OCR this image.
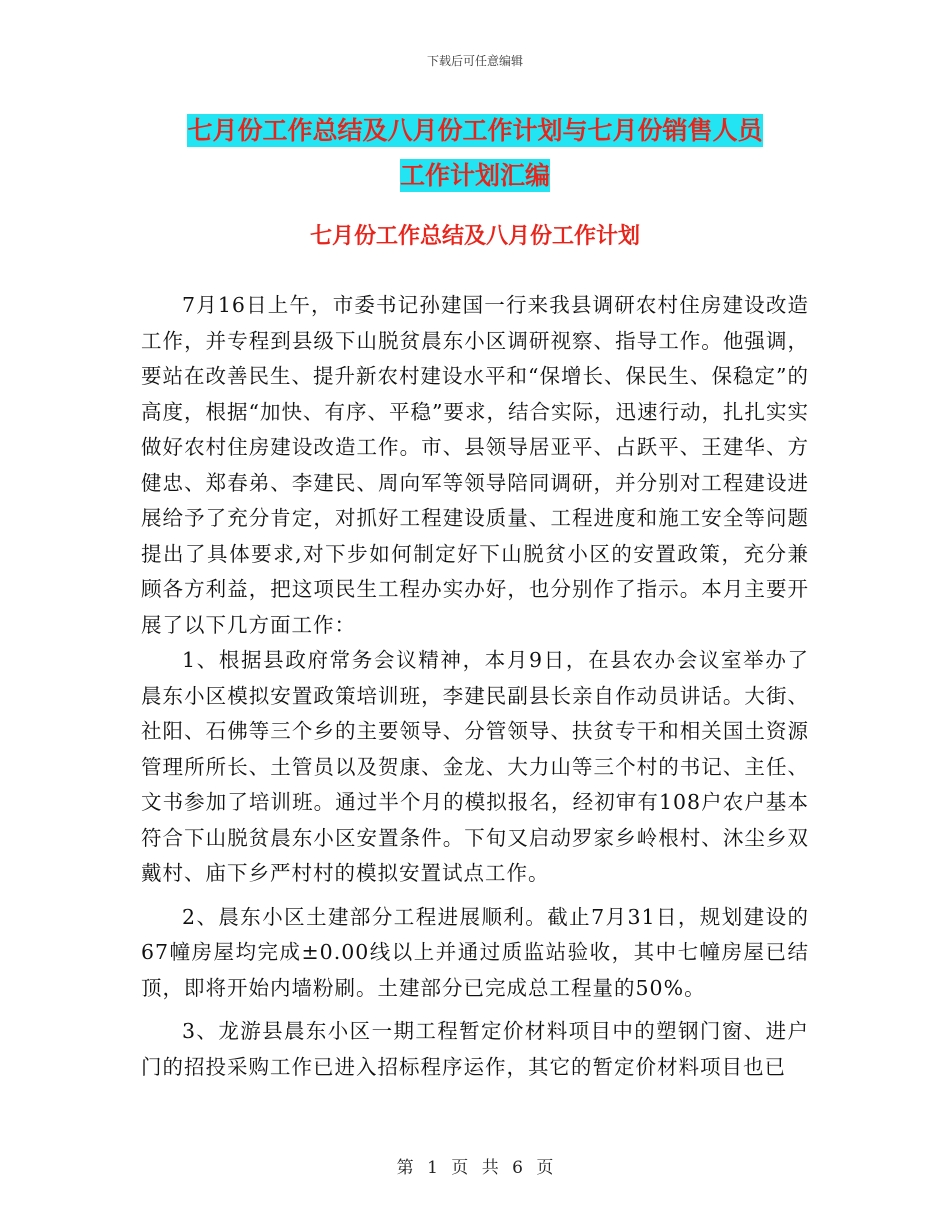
下载后可任意编辑
七月份工作总结及八月份工作计划与七月份销售人员
工作计划汇编
七月份工作总结及八月份工作计划

7月16日上午，市委书记孙建国一行来我县调研农村住房建设改造工作，并专程到县级下山脱贫晨东小区调研视察、指导工作。他强调，要站在改善民生、提升新农村建设水平和“保增长、保民生、保稳定”的高度，根据“加快、有序、平稳”要求，结合实际，迅速行动，扎扎实实做好农村住房建设改造工作。市、县领导居亚平、占跃平、王建华、方健忠、郑春弟、李建民、周向军等领导陪同调研，并分别对工程建设进展给予了充分肯定，对抓好工程建设质量、工程进度和施工安全等问题提出了具体要求,对下步如何制定好下山脱贫小区的安置政策，充分兼顾各方利益，把这项民生工程办实办好，也分别作了指示。本月主要开展了以下几方面工作：

1、根据县政府常务会议精神，本月9日，在县农办会议室举办了晨东小区模拟安置政策培训班，李建民副县长亲自作动员讲话。大街、社阳、石佛等三个乡的主要领导、分管领导、扶贫专干和相关国土资源管理所所长、土管员以及贺康、金龙、大力山等三个村的书记、主任、文书参加了培训班。通过半个月的模拟报名，经初审有108户农户基本符合下山脱贫晨东小区安置条件。下旬又启动罗家乡岭根村、沐尘乡双戴村、庙下乡严村村的模拟安置试点工作。

2、晨东小区土建部分工程进展顺利。截止7月31日，规划建设的67幢房屋均完成±0.00线以上并通过质监站验收，其中七幢房屋已结顶，即将开始内墙粉刷。土建部分已完成总工程量的50%。

3、龙游县晨东小区一期工程暂定价材料项目中的塑钢门窗、进户门的招投采购工作已进入招标程序运作，其它的暂定价材料项目也已

第 1 页 共 6 页
